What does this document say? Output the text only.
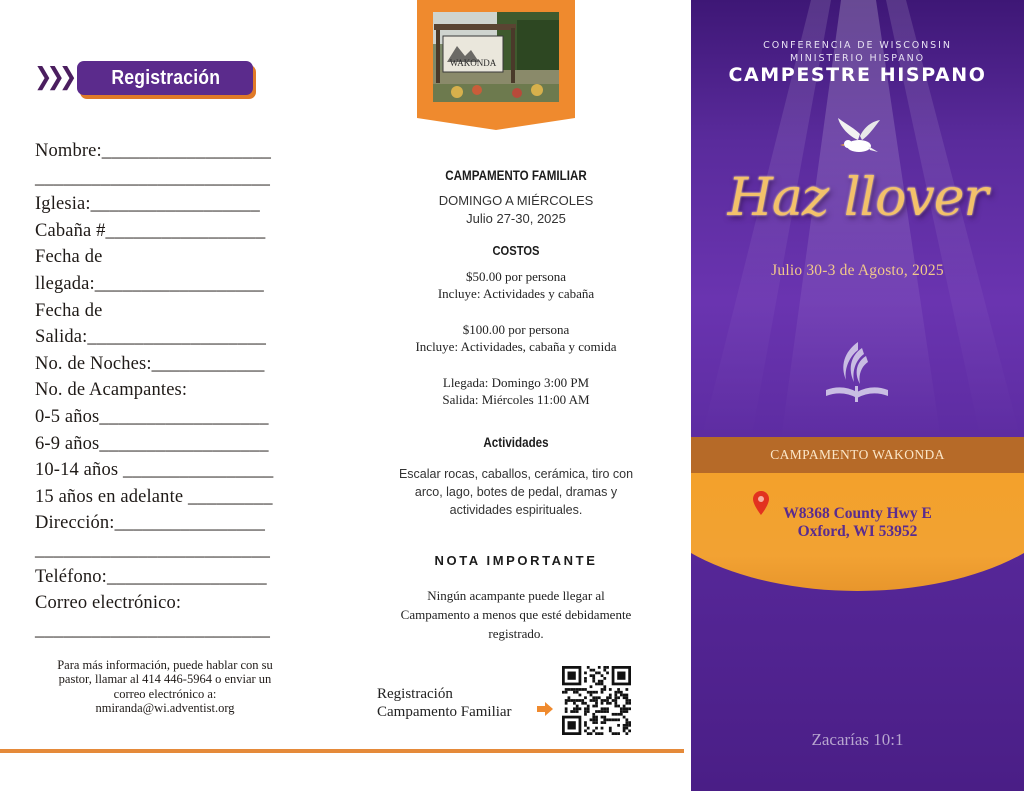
❯ ❯ ❯ Registración
Nombre:__________________
_________________________
Iglesia:__________________
Cabaña #_________________
Fecha de
llegada:__________________
Fecha de
Salida:___________________
No. de Noches:____________
No. de Acampantes:
0-5 años__________________
6-9 años__________________
10-14 años ________________
15 años en adelante _________
Dirección:________________
_________________________
Teléfono:_________________
Correo electrónico:
_________________________
Para más información, puede hablar con su
pastor, llamar al 414 446-5964 o enviar un
correo electrónico a:
nmiranda@wi.adventist.org
WAKONDA
CAMPAMENTO FAMILIAR
DOMINGO A MIÉRCOLES
Julio 27-30, 2025
COSTOS
$50.00 por persona
Incluye: Actividades y cabaña
$100.00 por persona
Incluye: Actividades, cabaña y comida
Llegada: Domingo 3:00 PM
Salida: Miércoles 11:00 AM
Actividades
Escalar rocas, caballos, cerámica, tiro con
arco, lago, botes de pedal, dramas y
actividades espirituales.
NOTA IMPORTANTE
Ningún acampante puede llegar al
Campamento a menos que esté debidamente
registrado.
Registración
Campamento Familiar
CONFERENCIA DE WISCONSIN
MINISTERIO HISPANO
CAMPESTRE HISPANO
Haz llover
Julio 30-3 de Agosto, 2025
CAMPAMENTO WAKONDA
W8368 County Hwy E
Oxford, WI 53952
Zacarías 10:1
